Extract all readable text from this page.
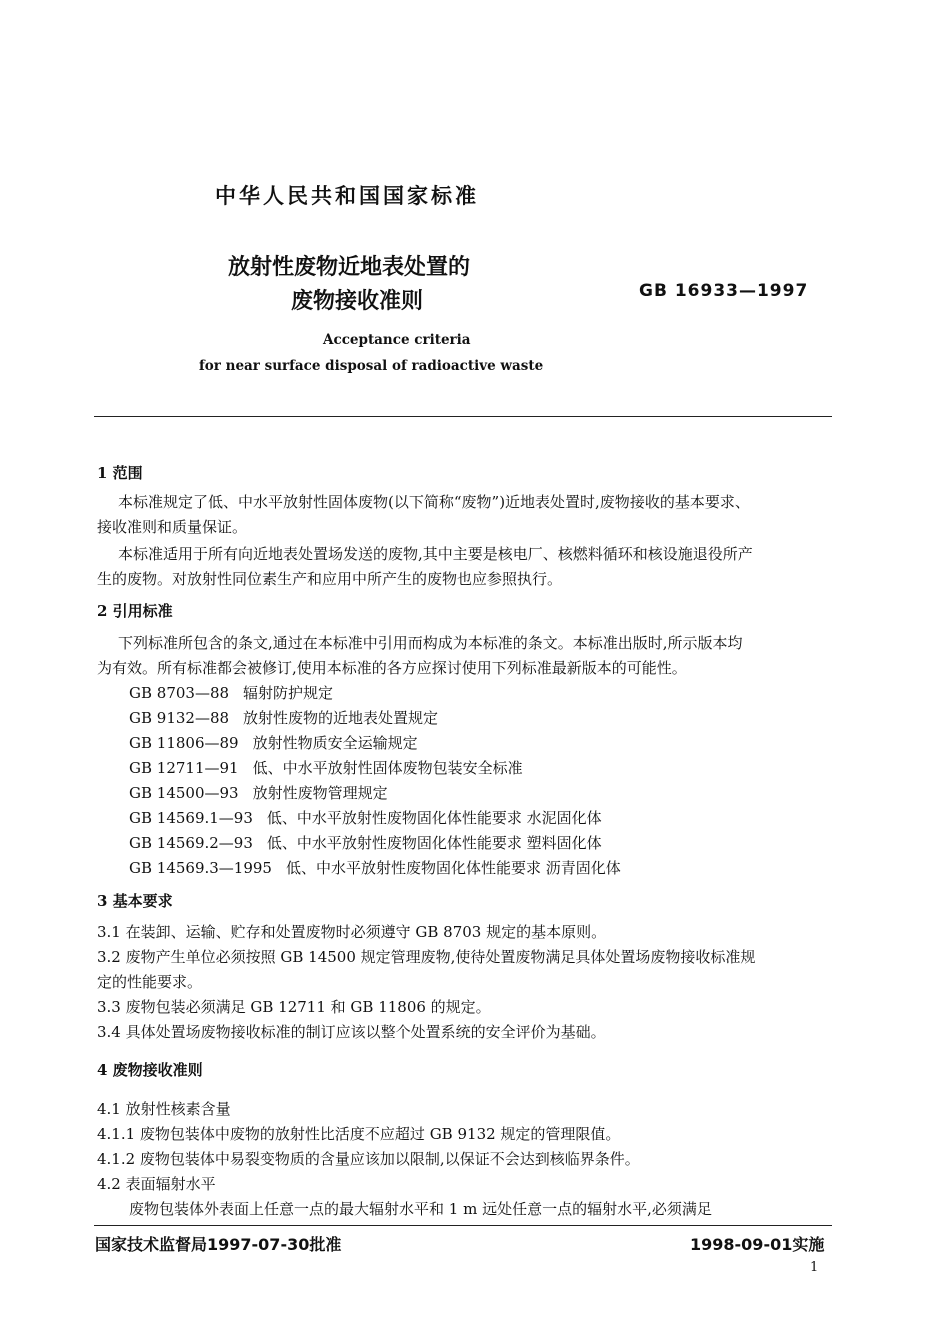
中华人民共和国国家标准
放射性废物近地表处置的
废物接收准则	GB 16933—1997
Acceptance criteria
for near surface disposal of radioactive waste
1 范围
本标准规定了低、中水平放射性固体废物(以下简称“废物”)近地表处置时,废物接收的基本要求、
接收准则和质量保证。
本标准适用于所有向近地表处置场发送的废物,其中主要是核电厂、核燃料循环和核设施退役所产
生的废物。对放射性同位素生产和应用中所产生的废物也应参照执行。
2 引用标准
下列标准所包含的条文,通过在本标准中引用而构成为本标准的条文。本标准出版时,所示版本均
为有效。所有标准都会被修订,使用本标准的各方应探讨使用下列标准最新版本的可能性。
GB 8703—88 辐射防护规定
GB 9132—88 放射性废物的近地表处置规定
GB 11806—89 放射性物质安全运输规定
GB 12711—91 低、中水平放射性固体废物包装安全标准
GB 14500—93 放射性废物管理规定
GB 14569.1—93 低、中水平放射性废物固化体性能要求 水泥固化体
GB 14569.2—93 低、中水平放射性废物固化体性能要求 塑料固化体
GB 14569.3—1995 低、中水平放射性废物固化体性能要求 沥青固化体
3 基本要求
3.1 在装卸、运输、贮存和处置废物时必须遵守 GB 8703 规定的基本原则。
3.2 废物产生单位必须按照 GB 14500 规定管理废物,使待处置废物满足具体处置场废物接收标准规
定的性能要求。
3.3 废物包装必须满足 GB 12711 和 GB 11806 的规定。
3.4 具体处置场废物接收标准的制订应该以整个处置系统的安全评价为基础。
4 废物接收准则
4.1 放射性核素含量
4.1.1 废物包装体中废物的放射性比活度不应超过 GB 9132 规定的管理限值。
4.1.2 废物包装体中易裂变物质的含量应该加以限制,以保证不会达到核临界条件。
4.2 表面辐射水平
废物包装体外表面上任意一点的最大辐射水平和 1 m 远处任意一点的辐射水平,必须满足
国家技术监督局1997-07-30批准	1998-09-01实施
1
